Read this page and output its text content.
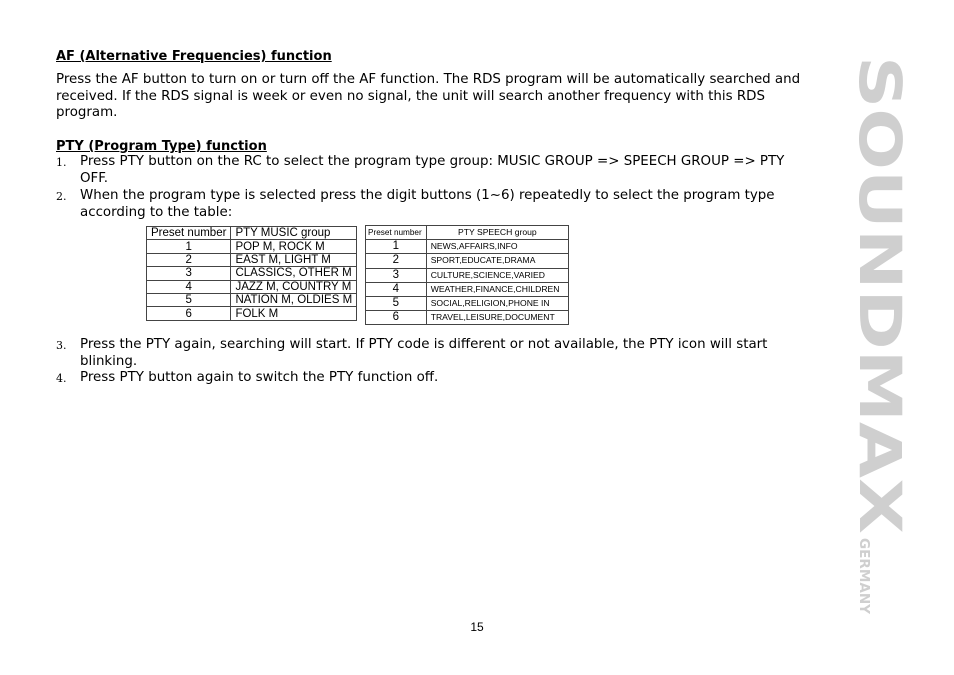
AF (Alternative Frequencies) function

Press the AF button to turn on or turn off the AF function. The RDS program will be automatically searched and received. If the RDS signal is week or even no signal, the unit will search another frequency with this RDS program.

PTY (Program Type) function
1. Press PTY button on the RC to select the program type group: MUSIC GROUP => SPEECH GROUP => PTY OFF.
2. When the program type is selected press the digit buttons (1~6) repeatedly to select the program type according to the table:
Preset number	PTY MUSIC group
1	POP M, ROCK M
2	EAST M, LIGHT M
3	CLASSICS, OTHER M
4	JAZZ M, COUNTRY M
5	NATION M, OLDIES M
6	FOLK M
Preset number	PTY SPEECH group
1	NEWS,AFFAIRS,INFO
2	SPORT,EDUCATE,DRAMA
3	CULTURE,SCIENCE,VARIED
4	WEATHER,FINANCE,CHILDREN
5	SOCIAL,RELIGION,PHONE IN
6	TRAVEL,LEISURE,DOCUMENT
3. Press the PTY again, searching will start. If PTY code is different or not available, the PTY icon will start blinking.
4. Press PTY button again to switch the PTY function off.	SOUNDMAX
GERMANY
15
